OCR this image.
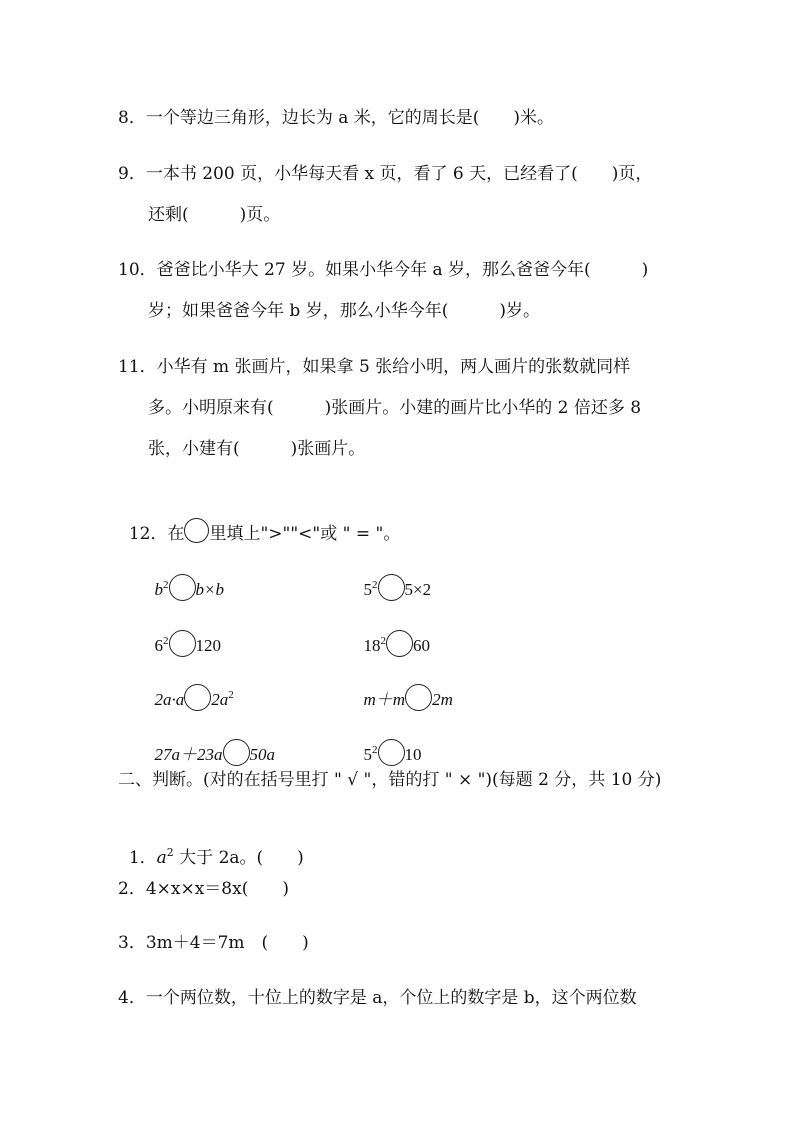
8．一个等边三角形，边长为 a 米，它的周长是(　　)米。
9．一本书 200 页，小华每天看 x 页，看了 6 天，已经看了(　　)页，
还剩(　　　)页。
10．爸爸比小华大 27 岁。如果小华今年 a 岁，那么爸爸今年(　　　)
岁；如果爸爸今年 b 岁，那么小华今年(　　　)岁。
11．小华有 m 张画片，如果拿 5 张给小明，两人画片的张数就同样
多。小明原来有(　　　)张画片。小建的画片比小华的 2 倍还多 8
张，小建有(　　　)张画片。

12．在 里填上">""<"或 " = "。

$b^2$ b×b	$5^2$ 5×2

$6^2$ 120	$18^2$ 60

2a·a $2a^2$	m＋m 2m

27a＋23a 50a	$5^2$ 10

二、判断。(对的在括号里打 " √ "，错的打 " × ")(每题 2 分，共 10 分)

1．$a^2$ 大于 2a。(　　)

2．4×x×x＝8x(　　)
3．3m＋4＝7m　(　　)
4．一个两位数，十位上的数字是 a，个位上的数字是 b，这个两位数
